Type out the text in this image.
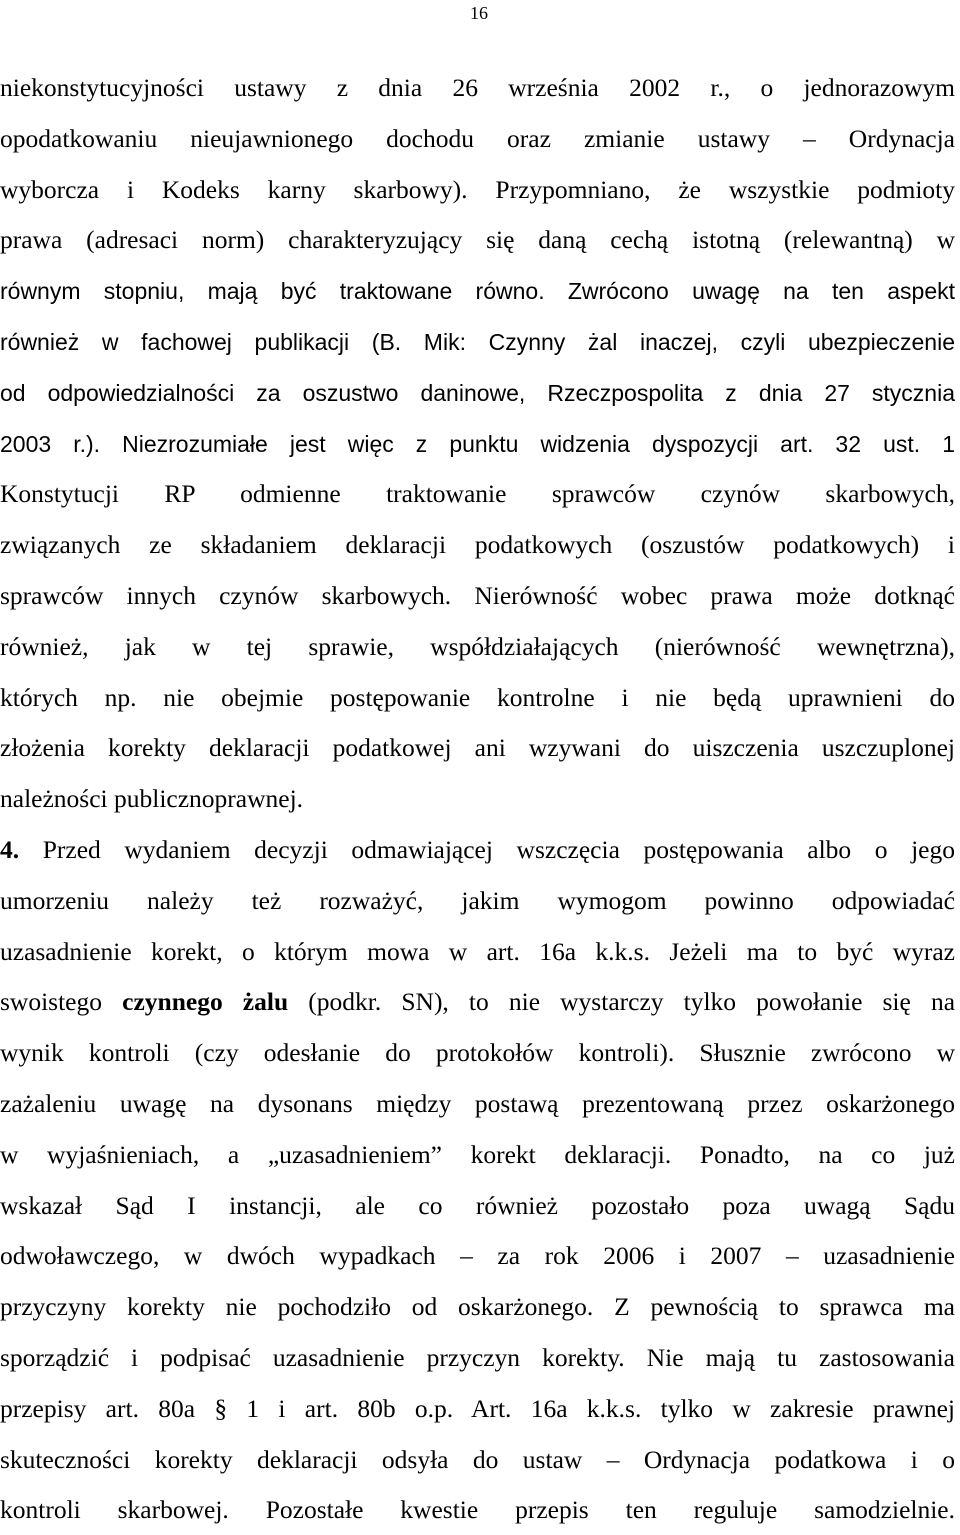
16
niekonstytucyjności ustawy z dnia 26 września 2002 r., o jednorazowym
opodatkowaniu nieujawnionego dochodu oraz zmianie ustawy – Ordynacja
wyborcza i Kodeks karny skarbowy). Przypomniano, że wszystkie podmioty
prawa (adresaci norm) charakteryzujący się daną cechą istotną (relewantną) w
równym stopniu, mają być traktowane równo. Zwrócono uwagę na ten aspekt
również w fachowej publikacji (B. Mik: Czynny żal inaczej, czyli ubezpieczenie
od odpowiedzialności za oszustwo daninowe, Rzeczpospolita z dnia 27 stycznia
2003 r.). Niezrozumiałe jest więc z punktu widzenia dyspozycji art. 32 ust. 1
Konstytucji RP odmienne traktowanie sprawców czynów skarbowych,
związanych ze składaniem deklaracji podatkowych (oszustów podatkowych) i
sprawców innych czynów skarbowych. Nierówność wobec prawa może dotknąć
również, jak w tej sprawie, współdziałających (nierówność wewnętrzna),
których np. nie obejmie postępowanie kontrolne i nie będą uprawnieni do
złożenia korekty deklaracji podatkowej ani wzywani do uiszczenia uszczuplonej
należności publicznoprawnej.
4. Przed wydaniem decyzji odmawiającej wszczęcia postępowania albo o jego
umorzeniu należy też rozważyć, jakim wymogom powinno odpowiadać
uzasadnienie korekt, o którym mowa w art. 16a k.k.s. Jeżeli ma to być wyraz
swoistego czynnego żalu (podkr. SN), to nie wystarczy tylko powołanie się na
wynik kontroli (czy odesłanie do protokołów kontroli). Słusznie zwrócono w
zażaleniu uwagę na dysonans między postawą prezentowaną przez oskarżonego
w wyjaśnieniach, a „uzasadnieniem” korekt deklaracji. Ponadto, na co już
wskazał Sąd I instancji, ale co również pozostało poza uwagą Sądu
odwoławczego, w dwóch wypadkach – za rok 2006 i 2007 – uzasadnienie
przyczyny korekty nie pochodziło od oskarżonego. Z pewnością to sprawca ma
sporządzić i podpisać uzasadnienie przyczyn korekty. Nie mają tu zastosowania
przepisy art. 80a § 1 i art. 80b o.p. Art. 16a k.k.s. tylko w zakresie prawnej
skuteczności korekty deklaracji odsyła do ustaw – Ordynacja podatkowa i o
kontroli skarbowej. Pozostałe kwestie przepis ten reguluje samodzielnie.
